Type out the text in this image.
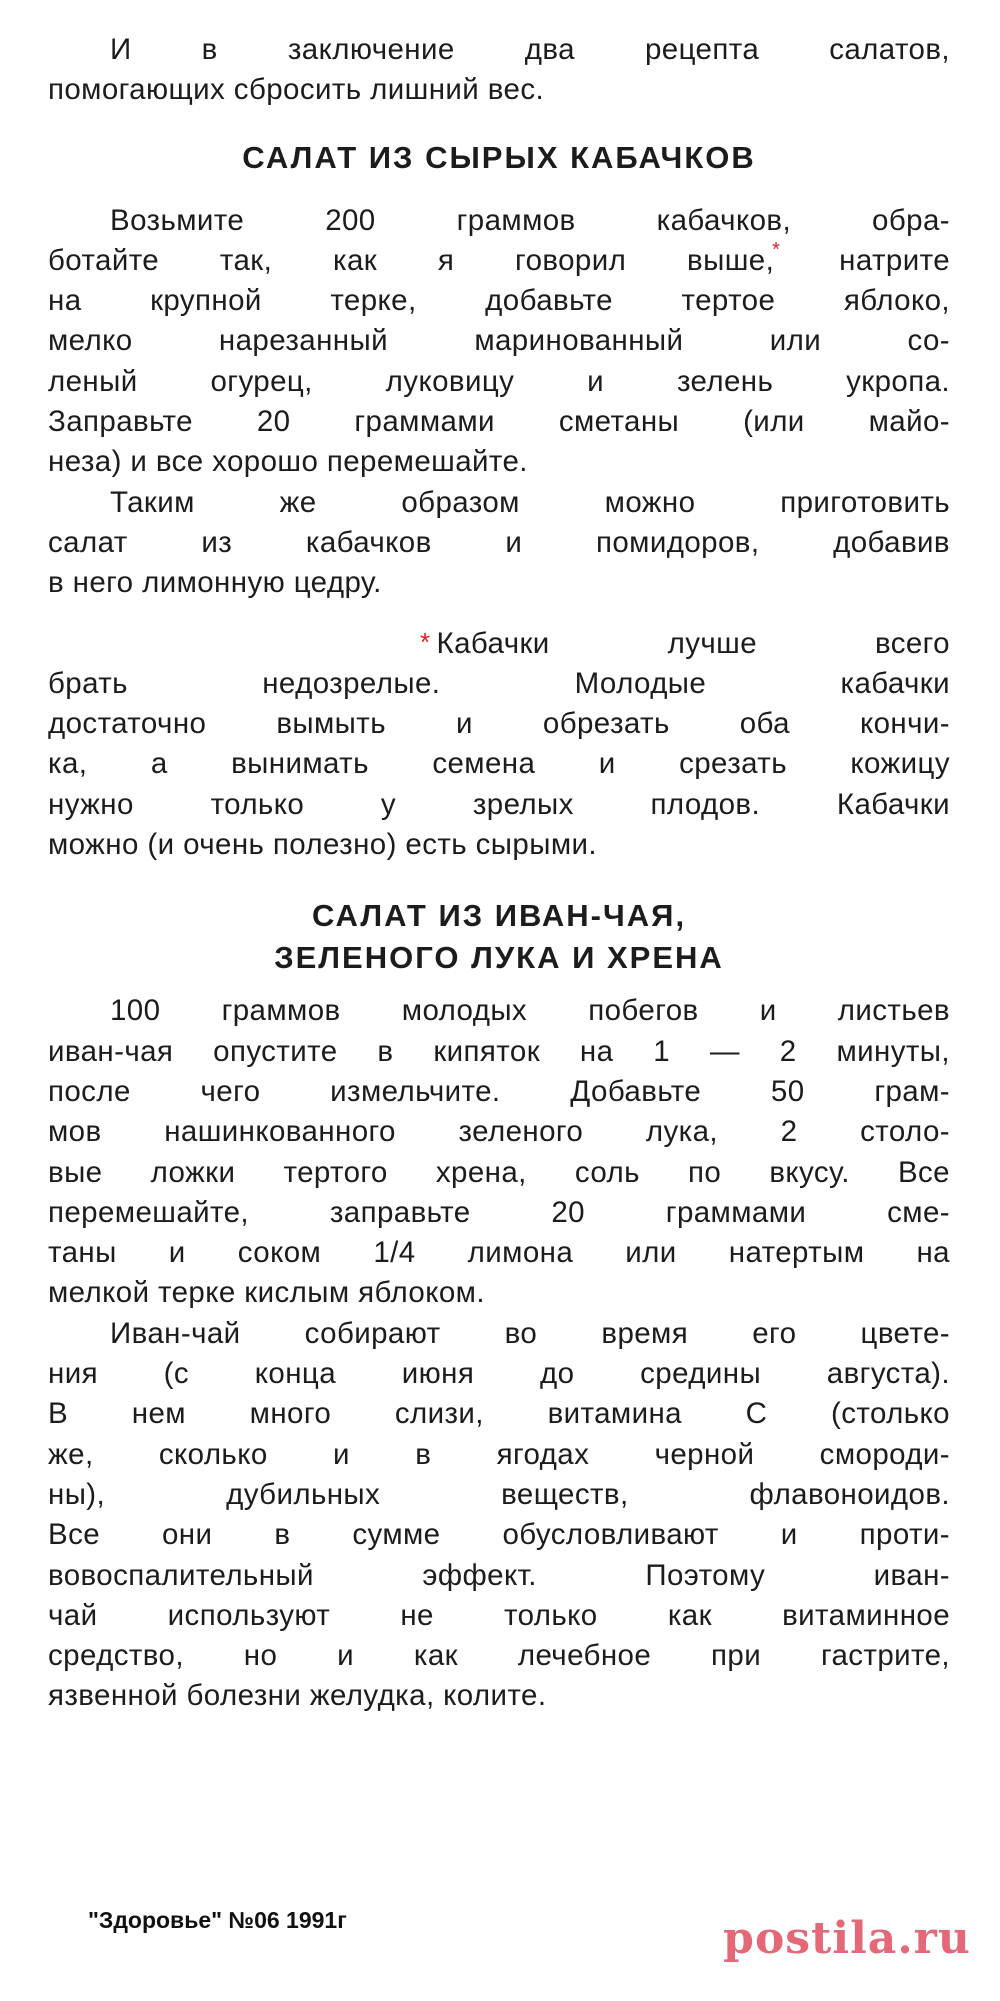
И в заключение два рецепта салатов,
помогающих сбросить лишний вес.
САЛАТ ИЗ СЫРЫХ КАБАЧКОВ
Возьмите 200 граммов кабачков, обра-
ботайте так, как я говорил выше,* натрите
на крупной терке, добавьте тертое яблоко,
мелко нарезанный маринованный или со-
леный огурец, луковицу и зелень укропа.
Заправьте 20 граммами сметаны (или майо-
неза) и все хорошо перемешайте.
Таким же образом можно приготовить
салат из кабачков и помидоров, добавив
в него лимонную цедру.
* Кабачки лучше всего
брать недозрелые. Молодые кабачки
достаточно вымыть и обрезать оба кончи-
ка, а вынимать семена и срезать кожицу
нужно только у зрелых плодов. Кабачки
можно (и очень полезно) есть сырыми.
САЛАТ ИЗ ИВАН-ЧАЯ,
ЗЕЛЕНОГО ЛУКА И ХРЕНА
100 граммов молодых побегов и листьев
иван-чая опустите в кипяток на 1 — 2 минуты,
после чего измельчите. Добавьте 50 грам-
мов нашинкованного зеленого лука, 2 столо-
вые ложки тертого хрена, соль по вкусу. Все
перемешайте, заправьте 20 граммами сме-
таны и соком 1/4 лимона или натертым на
мелкой терке кислым яблоком.
Иван-чай собирают во время его цвете-
ния (с конца июня до средины августа).
В нем много слизи, витамина С (столько
же, сколько и в ягодах черной смороди-
ны), дубильных веществ, флавоноидов.
Все они в сумме обусловливают и проти-
вовоспалительный эффект. Поэтому иван-
чай используют не только как витаминное
средство, но и как лечебное при гастрите,
язвенной болезни желудка, колите.
"Здоровье" №06 1991г	postila.ru
